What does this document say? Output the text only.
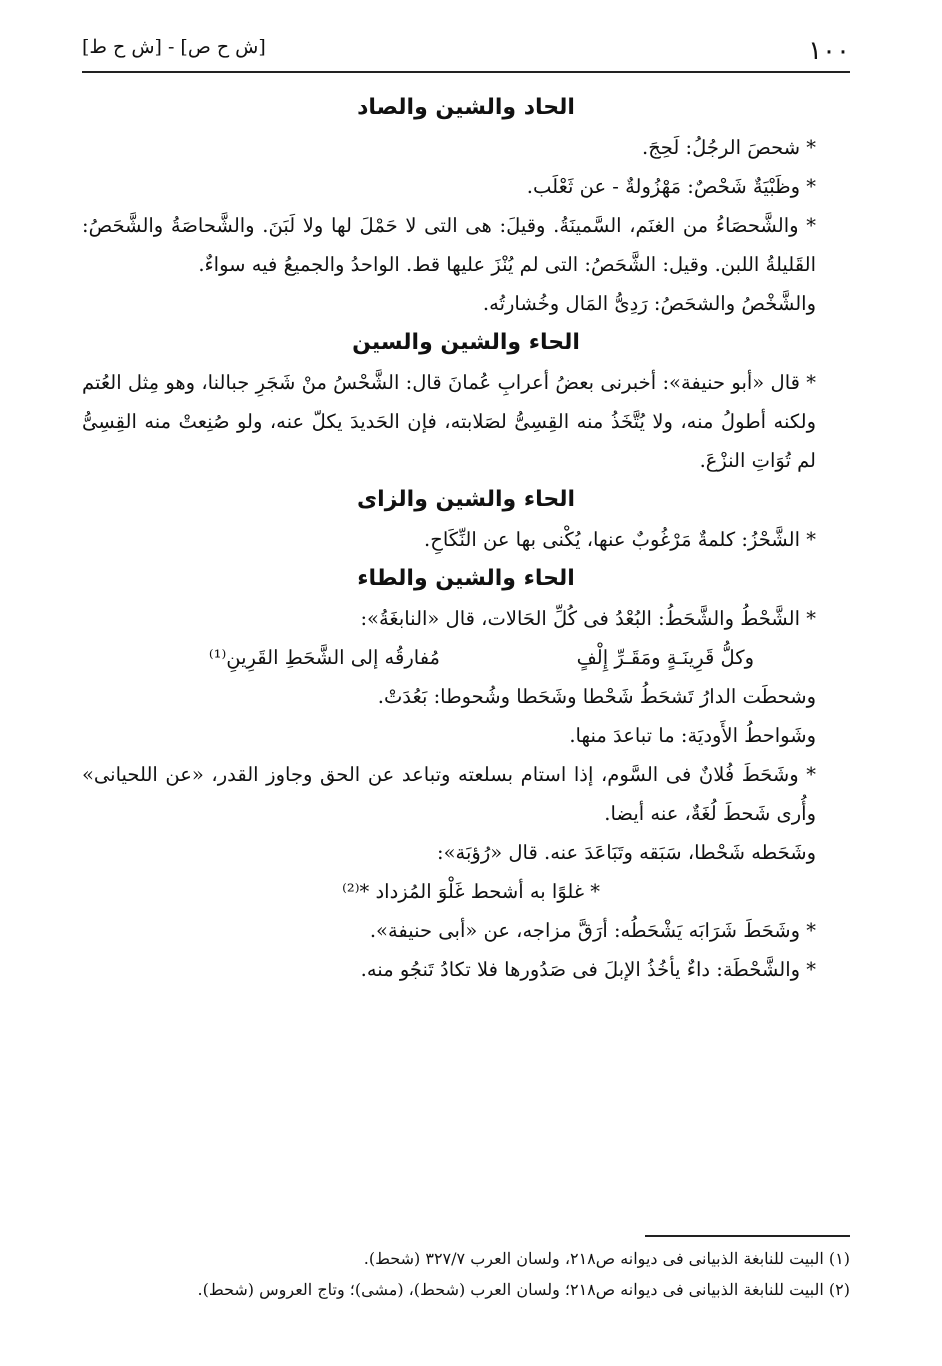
١٠٠
[ش ح ص] - [ش ح ط]
الحاد والشين والصاد

* شحصَ الرجُلُ: لَحِجَ.

* وظَبْيَةٌ شَحْصٌ: مَهْزُولةٌ - عن ثَعْلَب.

* والشَّحصَاءُ من الغنَم، السَّمينَةُ. وقيلَ: هى التى لا حَمْلَ لها ولا لَبَنَ. والشَّحاصَةُ والشَّحَصُ: القَليلةُ اللبن. وقيل: الشَّحَصُ: التى لم يُنْزَ عليها قط. الواحدُ والجميعُ فيه سواءٌ.

والشَّخْصُ والشحَصُ: رَدِىُّ المَال وخُشارتُه.

الحاء والشين والسين

* قال «أبو حنيفة»: أخبرنى بعضُ أعرابِ عُمانَ قال: الشَّحْسُ منْ شَجَرِ جبالنا، وهو مِثل العُتم ولكنه أطولُ منه، ولا يُتَّخَذُ منه القِسِىُّ لصَلابته، فإن الحَديدَ يكلّ عنه، ولو صُنِعتْ منه القِسِىُّ لم تُوَاتِ النزْعَ.

الحاء والشين والزاى

* الشَّحْزُ: كلمةٌ مَرْغُوبٌ عنها، يُكْنى بها عن النِّكَاحِ.

الحاء والشين والطاء

* الشَّحْطُ والشَّحَطُ: البُعْدُ فى كُلِّ الحَالات، قال «النابغَةُ»:

وكلُّ قَرِينَـةٍ ومَقَـرِّ إِلْفٍ
مُفارقُه إلى الشَّحَطِ القَرِينِ⁽¹⁾

وشحطَت الدارُ تَشحَطُ شَحْطا وشَحَطا وشُحوطا: بَعُدَتْ.

وشَواحطُ الأَوديَة: ما تباعدَ منها.

* وشَحَطَ فُلانٌ فى السَّوم، إذا استام بسلعته وتباعد عن الحق وجاوز القدر، «عن اللحيانى» وأُرى شَحطَ لُغَةٌ، عنه أيضا.

وشَحَطه شَحْطا، سَبَقه وتَبَاعَدَ عنه. قال «رُؤبَة»:

* غلوًا به أشحط غَلْوَ المُزداد *⁽²⁾

* وشَحَطَ شَرَابَه يَشْحَطُه: أرَقَّ مزاجه، عن «أبى حنيفة».

* والشَّحْطَة: داءٌ يأخُذُ الإبلَ فى صَدُورها فلا تكادُ تَنجُو منه.

(١) البيت للنابغة الذبيانى فى ديوانه ص٢١٨، ولسان العرب ٣٢٧/٧ (شحط).
(٢) البيت للنابغة الذبيانى فى ديوانه ص٢١٨؛ ولسان العرب (شحط)، (مشى)؛ وتاج العروس (شحط).
